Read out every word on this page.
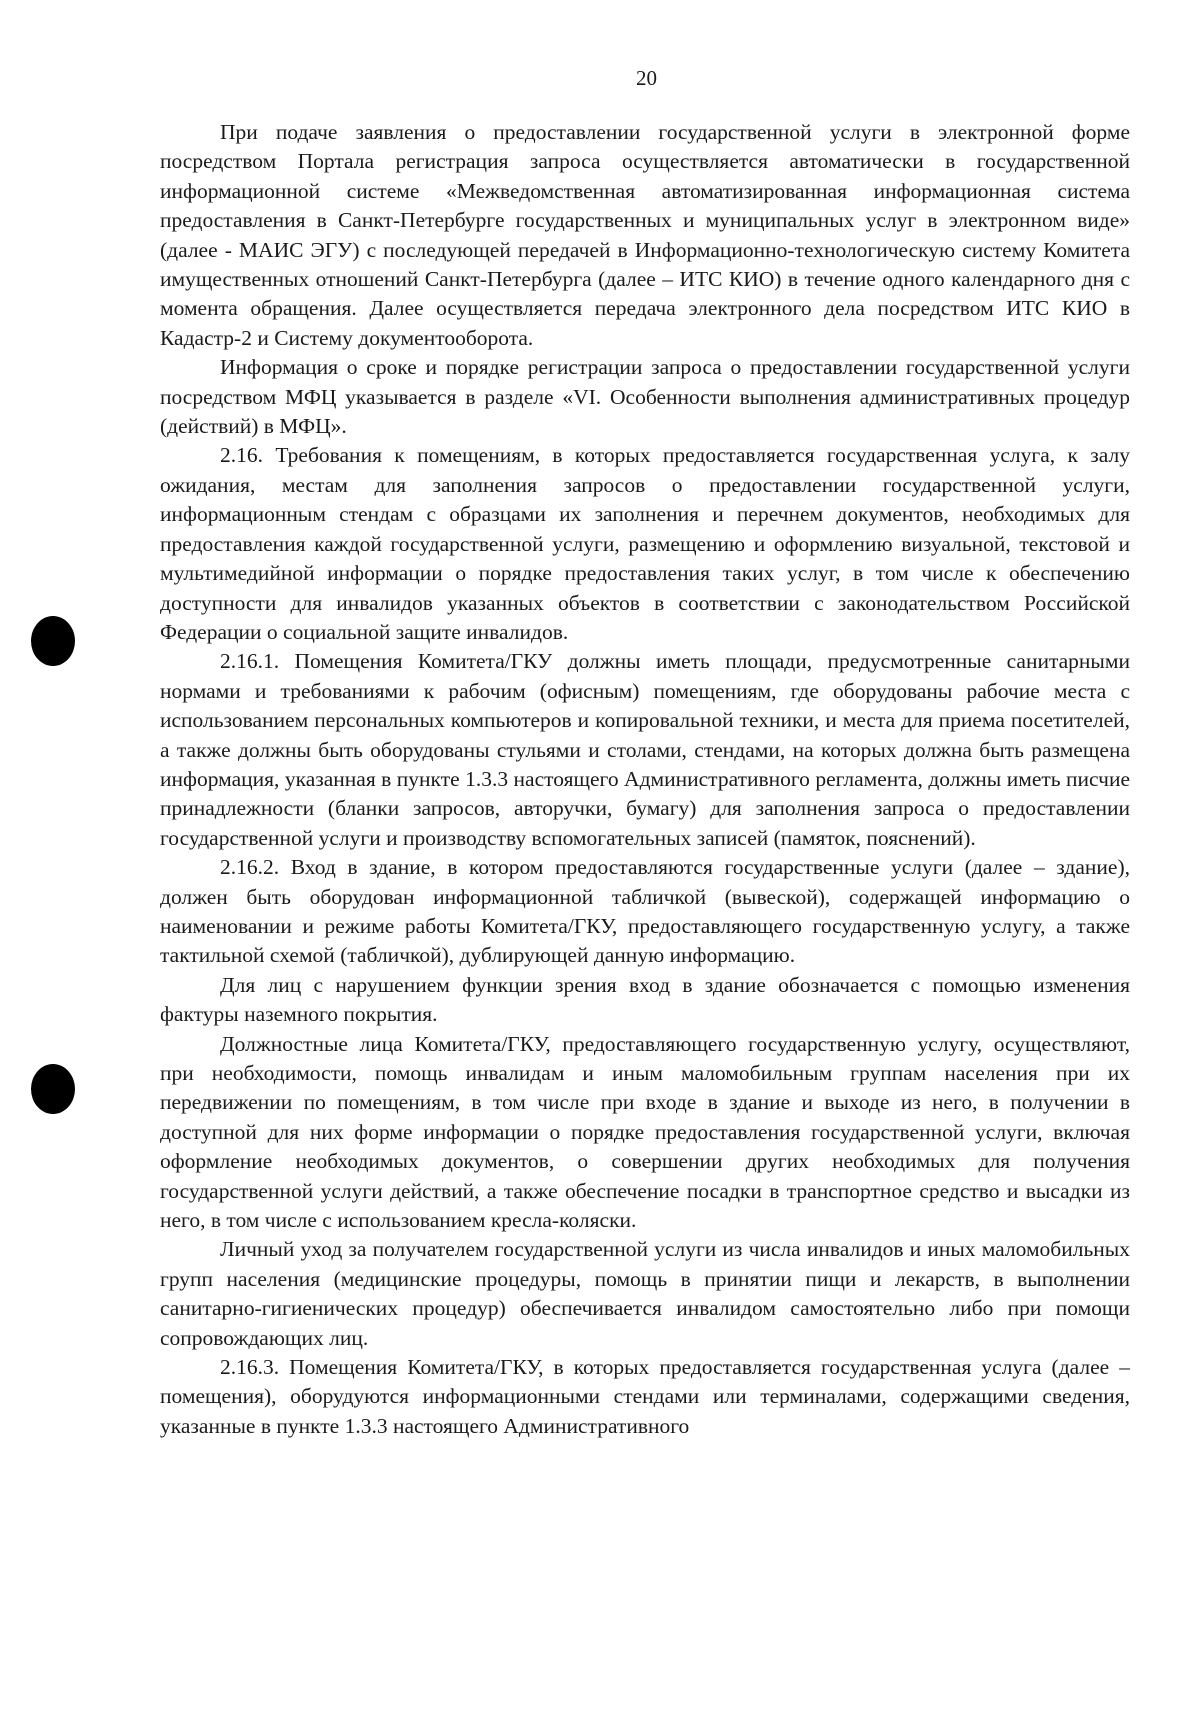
20

При подаче заявления о предоставлении государственной услуги в электронной форме посредством Портала регистрация запроса осуществляется автоматически в государственной информационной системе «Межведомственная автоматизированная информационная система предоставления в Санкт-Петербурге государственных и муниципальных услуг в электронном виде» (далее - МАИС ЭГУ) с последующей передачей в Информационно-технологическую систему Комитета имущественных отношений Санкт-Петербурга (далее – ИТС КИО) в течение одного календарного дня с момента обращения. Далее осуществляется передача электронного дела посредством ИТС КИО в Кадастр-2 и Систему документооборота.

Информация о сроке и порядке регистрации запроса о предоставлении государственной услуги посредством МФЦ указывается в разделе «VI. Особенности выполнения административных процедур (действий) в МФЦ».

2.16. Требования к помещениям, в которых предоставляется государственная услуга, к залу ожидания, местам для заполнения запросов о предоставлении государственной услуги, информационным стендам с образцами их заполнения и перечнем документов, необходимых для предоставления каждой государственной услуги, размещению и оформлению визуальной, текстовой и мультимедийной информации о порядке предоставления таких услуг, в том числе к обеспечению доступности для инвалидов указанных объектов в соответствии с законодательством Российской Федерации о социальной защите инвалидов.

2.16.1. Помещения Комитета/ГКУ должны иметь площади, предусмотренные санитарными нормами и требованиями к рабочим (офисным) помещениям, где оборудованы рабочие места с использованием персональных компьютеров и копировальной техники, и места для приема посетителей, а также должны быть оборудованы стульями и столами, стендами, на которых должна быть размещена информация, указанная в пункте 1.3.3 настоящего Административного регламента, должны иметь писчие принадлежности (бланки запросов, авторучки, бумагу) для заполнения запроса о предоставлении государственной услуги и производству вспомогательных записей (памяток, пояснений).

2.16.2. Вход в здание, в котором предоставляются государственные услуги (далее – здание), должен быть оборудован информационной табличкой (вывеской), содержащей информацию о наименовании и режиме работы Комитета/ГКУ, предоставляющего государственную услугу, а также тактильной схемой (табличкой), дублирующей данную информацию.

Для лиц с нарушением функции зрения вход в здание обозначается с помощью изменения фактуры наземного покрытия.

Должностные лица Комитета/ГКУ, предоставляющего государственную услугу, осуществляют, при необходимости, помощь инвалидам и иным маломобильным группам населения при их передвижении по помещениям, в том числе при входе в здание и выходе из него, в получении в доступной для них форме информации о порядке предоставления государственной услуги, включая оформление необходимых документов, о совершении других необходимых для получения государственной услуги действий, а также обеспечение посадки в транспортное средство и высадки из него, в том числе с использованием кресла-коляски.

Личный уход за получателем государственной услуги из числа инвалидов и иных маломобильных групп населения (медицинские процедуры, помощь в принятии пищи и лекарств, в выполнении санитарно-гигиенических процедур) обеспечивается инвалидом самостоятельно либо при помощи сопровождающих лиц.

2.16.3. Помещения Комитета/ГКУ, в которых предоставляется государственная услуга (далее – помещения), оборудуются информационными стендами или терминалами, содержащими сведения, указанные в пункте 1.3.3 настоящего Административного
